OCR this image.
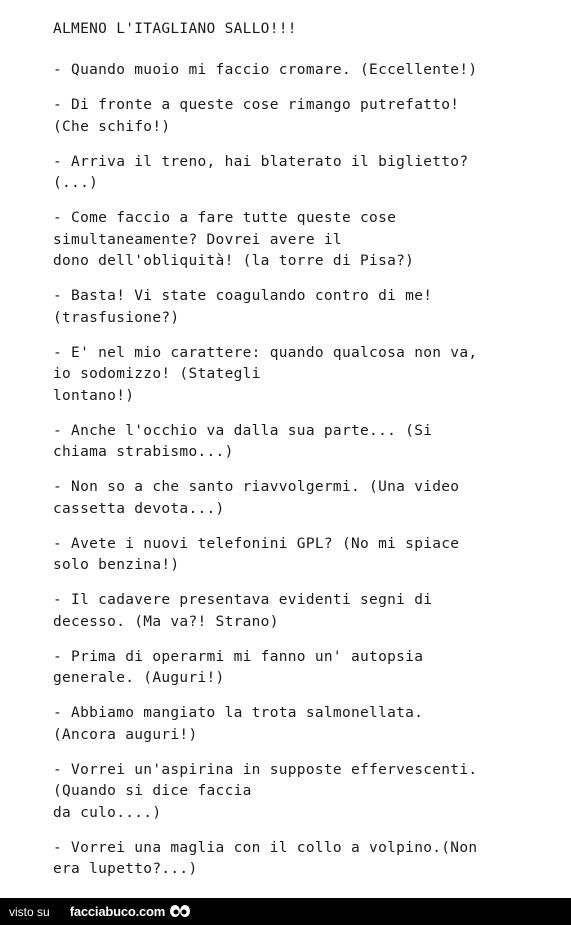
ALMENO L'ITAGLIANO SALLO!!!
- Quando muoio mi faccio cromare. (Eccellente!)
- Di fronte a queste cose rimango putrefatto!
(Che schifo!)
- Arriva il treno, hai blaterato il biglietto?
(...)
- Come faccio a fare tutte queste cose
simultaneamente? Dovrei avere il
dono dell'obliquità! (la torre di Pisa?)
- Basta! Vi state coagulando contro di me!
(trasfusione?)
- E' nel mio carattere: quando qualcosa non va,
io sodomizzo! (Stategli
lontano!)
- Anche l'occhio va dalla sua parte... (Si
chiama strabismo...)
- Non so a che santo riavvolgermi. (Una video
cassetta devota...)
- Avete i nuovi telefonini GPL? (No mi spiace
solo benzina!)
- Il cadavere presentava evidenti segni di
decesso. (Ma va?! Strano)
- Prima di operarmi mi fanno un' autopsia
generale. (Auguri!)
- Abbiamo mangiato la trota salmonellata.
(Ancora auguri!)
- Vorrei un'aspirina in supposte effervescenti.
(Quando si dice faccia
da culo....)
- Vorrei una maglia con il collo a volpino.(Non
era lupetto?...)
visto su facciabuco.com
